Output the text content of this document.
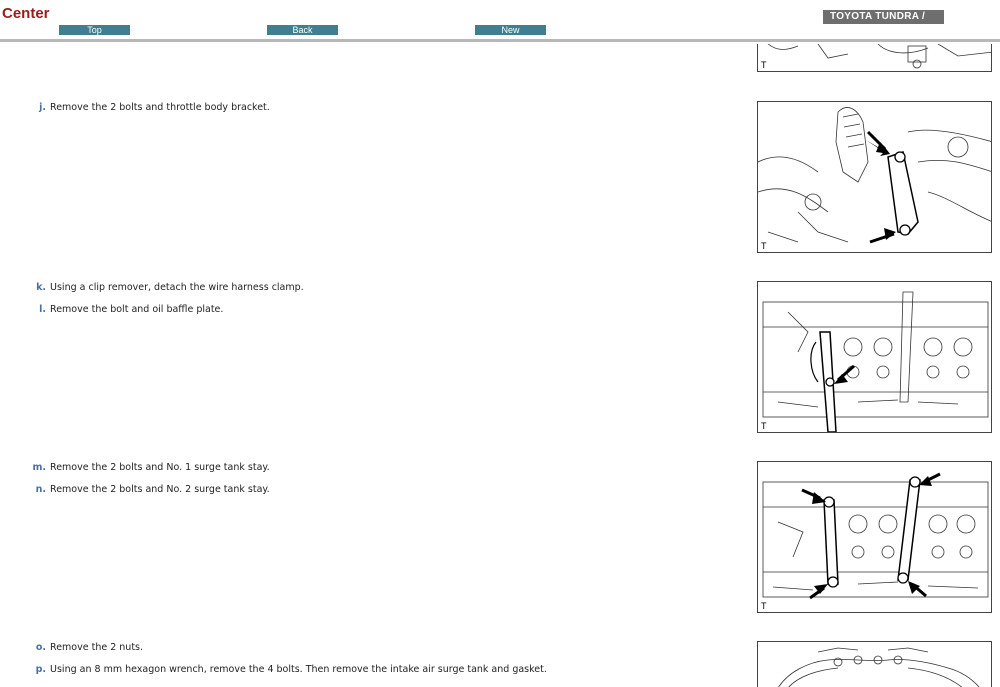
Center
Top	Back	New
TOYOTA TUNDRA /
j. Remove the 2 bolts and throttle body bracket.
k. Using a clip remover, detach the wire harness clamp.
l. Remove the bolt and oil baffle plate.
m. Remove the 2 bolts and No. 1 surge tank stay.
n. Remove the 2 bolts and No. 2 surge tank stay.
o. Remove the 2 nuts.
p. Using an 8 mm hexagon wrench, remove the 4 bolts. Then remove the intake air surge tank and gasket.
T
T
T
T
